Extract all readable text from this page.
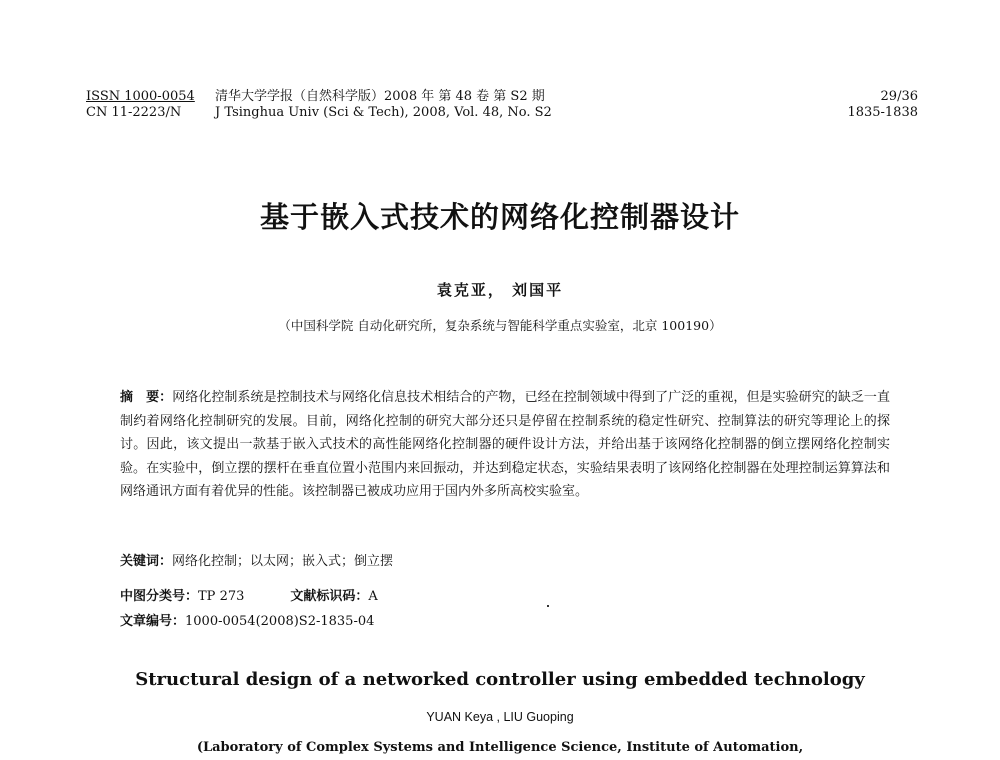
ISSN 1000-0054
CN 11-2223/N
清华大学学报（自然科学版）2008 年 第 48 卷 第 S2 期
J Tsinghua Univ (Sci & Tech), 2008, Vol. 48, No. S2
29/36
1835-1838
基于嵌入式技术的网络化控制器设计
袁克亚， 刘国平
（中国科学院 自动化研究所，复杂系统与智能科学重点实验室，北京 100190）
摘　要：网络化控制系统是控制技术与网络化信息技术相结合的产物，已经在控制领域中得到了广泛的重视，但是实验研究的缺乏一直制约着网络化控制研究的发展。目前，网络化控制的研究大部分还只是停留在控制系统的稳定性研究、控制算法的研究等理论上的探讨。因此，该文提出一款基于嵌入式技术的高性能网络化控制器的硬件设计方法，并给出基于该网络化控制器的倒立摆网络化控制实验。在实验中，倒立摆的摆杆在垂直位置小范围内来回振动，并达到稳定状态，实验结果表明了该网络化控制器在处理控制运算算法和网络通讯方面有着优异的性能。该控制器已被成功应用于国内外多所高校实验室。
关键词：网络化控制；以太网；嵌入式；倒立摆
中图分类号：TP 273	文献标识码：A
文章编号：1000-0054(2008)S2-1835-04
Structural design of a networked controller using embedded technology
YUAN Keya , LIU Guoping
(Laboratory of Complex Systems and Intelligence Science, Institute of Automation,
